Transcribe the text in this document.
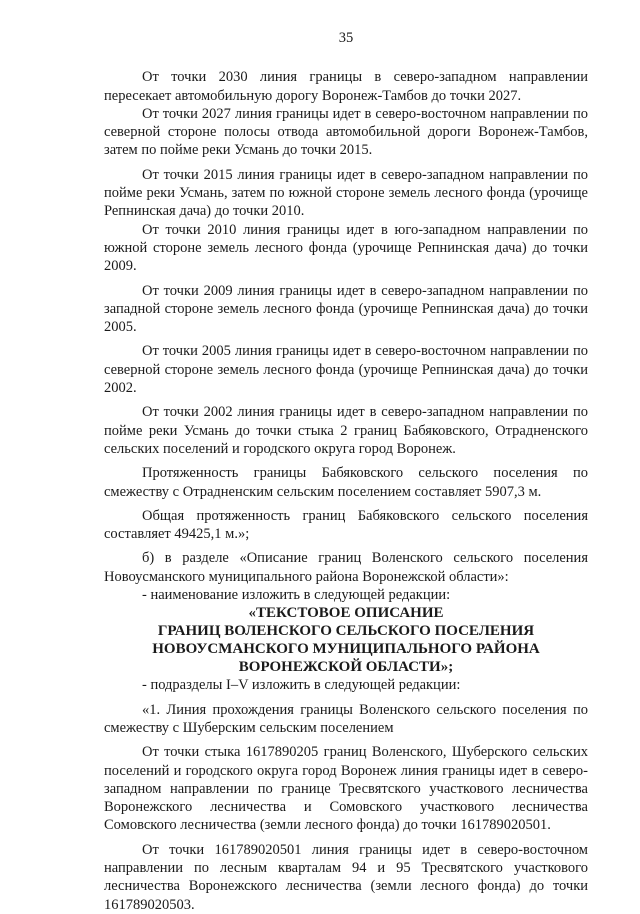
35

От точки 2030 линия границы в северо-западном направлении пересекает автомобильную дорогу Воронеж-Тамбов до точки 2027.

От точки 2027 линия границы идет в северо-восточном направлении по северной стороне полосы отвода автомобильной дороги Воронеж-Тамбов, затем по пойме реки Усмань до точки 2015.

От точки 2015 линия границы идет в северо-западном направлении по пойме реки Усмань, затем по южной стороне земель лесного фонда (урочище Репнинская дача) до точки 2010.

От точки 2010 линия границы идет в юго-западном направлении по южной стороне земель лесного фонда (урочище Репнинская дача) до точки 2009.

От точки 2009 линия границы идет в северо-западном направлении по западной стороне земель лесного фонда (урочище Репнинская дача) до точки 2005.

От точки 2005 линия границы идет в северо-восточном направлении по северной стороне земель лесного фонда (урочище Репнинская дача) до точки 2002.

От точки 2002 линия границы идет в северо-западном направлении по пойме реки Усмань до точки стыка 2 границ Бабяковского, Отрадненского сельских поселений и городского округа город Воронеж.

Протяженность границы Бабяковского сельского поселения по смежеству с Отрадненским сельским поселением составляет 5907,3 м.

Общая протяженность границ Бабяковского сельского поселения составляет 49425,1 м.»;

б) в разделе «Описание границ Воленского сельского поселения Новоусманского муниципального района Воронежской области»:

- наименование изложить в следующей редакции:

«ТЕКСТОВОЕ ОПИСАНИЕ

ГРАНИЦ ВОЛЕНСКОГО СЕЛЬСКОГО ПОСЕЛЕНИЯ

НОВОУСМАНСКОГО МУНИЦИПАЛЬНОГО РАЙОНА

ВОРОНЕЖСКОЙ ОБЛАСТИ»;

- подразделы I–V изложить в следующей редакции:

«1. Линия прохождения границы Воленского сельского поселения по смежеству с Шуберским сельским поселением

От точки стыка 1617890205 границ Воленского, Шуберского сельских поселений и городского округа город Воронеж линия границы идет в северо-западном направлении по границе Тресвятского участкового лесничества Воронежского лесничества и Сомовского участкового лесничества Сомовского лесничества (земли лесного фонда) до точки 161789020501.

От точки 161789020501 линия границы идет в северо-восточном направлении по лесным кварталам 94 и 95 Тресвятского участкового лесничества Воронежского лесничества (земли лесного фонда) до точки 161789020503.
